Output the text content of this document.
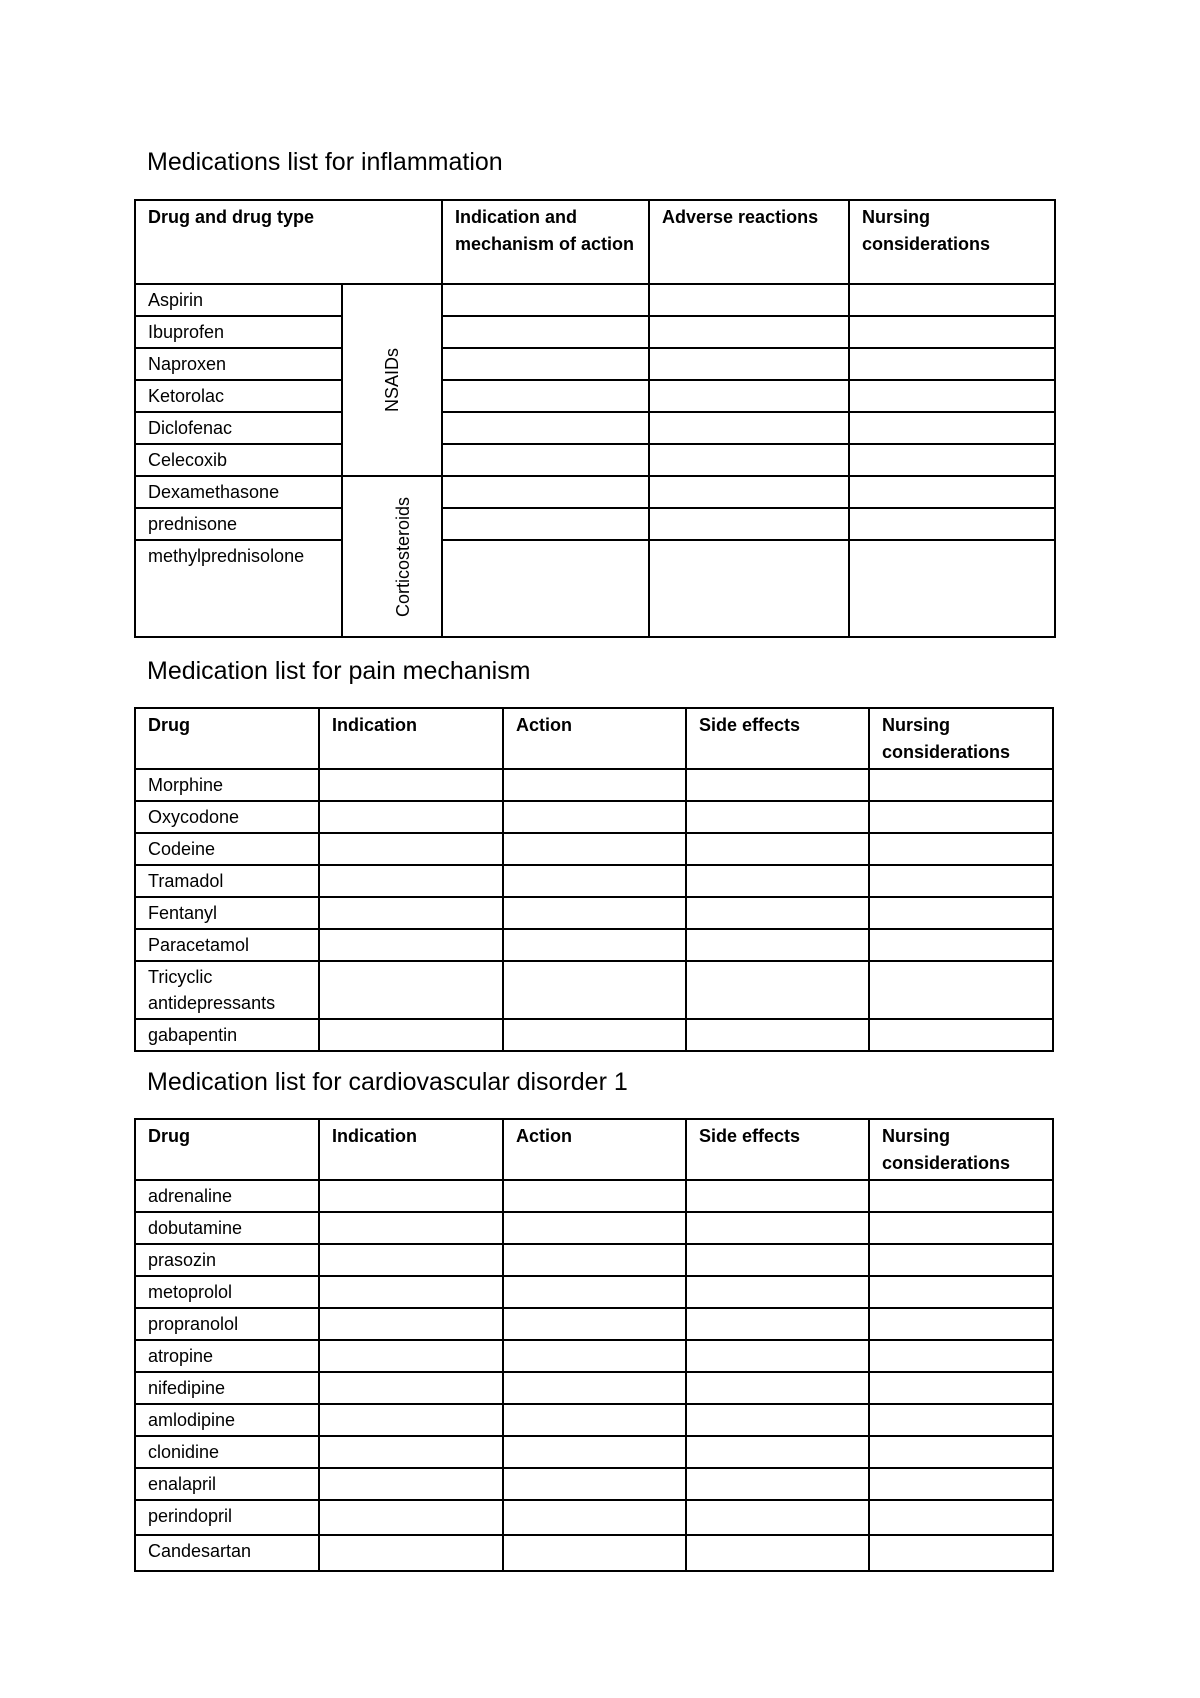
Medications list for inflammation
Drug and drug type		Indication and mechanism of action	Adverse reactions	Nursing considerations
Aspirin	NSAIDs			
Ibuprofen				
Naproxen				
Ketorolac				
Diclofenac				
Celecoxib				
Dexamethasone	Corticosteroids			
prednisone				
methylprednisolone				
Medication list for pain mechanism
Drug	Indication	Action	Side effects	Nursing considerations
Morphine				
Oxycodone				
Codeine				
Tramadol				
Fentanyl				
Paracetamol				
Tricyclic antidepressants				
gabapentin				
Medication list for cardiovascular disorder 1
Drug	Indication	Action	Side effects	Nursing considerations
adrenaline				
dobutamine				
prasozin				
metoprolol				
propranolol				
atropine				
nifedipine				
amlodipine				
clonidine				
enalapril				
perindopril				
Candesartan				
